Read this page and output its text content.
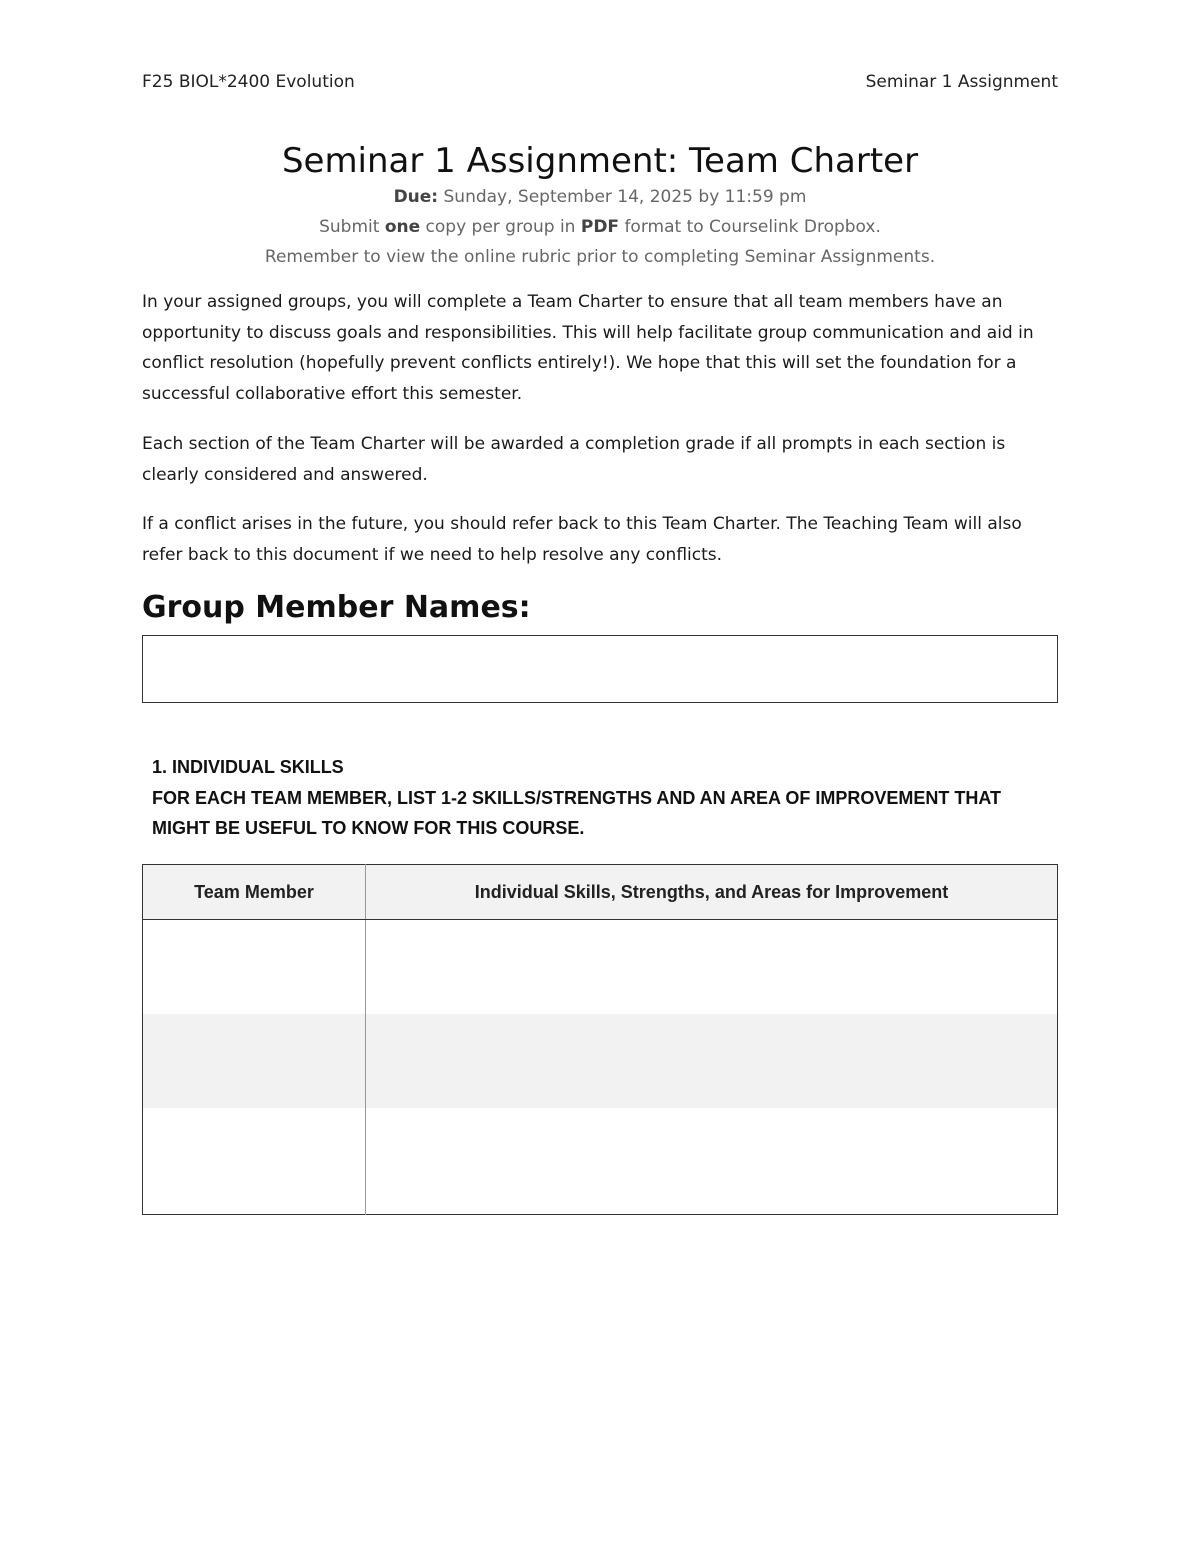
F25 BIOL*2400 Evolution	Seminar 1 Assignment
Seminar 1 Assignment: Team Charter
Due: Sunday, September 14, 2025 by 11:59 pm
Submit one copy per group in PDF format to Courselink Dropbox.
Remember to view the online rubric prior to completing Seminar Assignments.

In your assigned groups, you will complete a Team Charter to ensure that all team members have an opportunity to discuss goals and responsibilities. This will help facilitate group communication and aid in conflict resolution (hopefully prevent conflicts entirely!). We hope that this will set the foundation for a successful collaborative effort this semester.

Each section of the Team Charter will be awarded a completion grade if all prompts in each section is clearly considered and answered.

If a conflict arises in the future, you should refer back to this Team Charter. The Teaching Team will also refer back to this document if we need to help resolve any conflicts.

Group Member Names:
1. INDIVIDUAL SKILLS
FOR EACH TEAM MEMBER, LIST 1-2 SKILLS/STRENGTHS AND AN AREA OF IMPROVEMENT THAT MIGHT BE USEFUL TO KNOW FOR THIS COURSE.
Team Member	Individual Skills, Strengths, and Areas for Improvement
